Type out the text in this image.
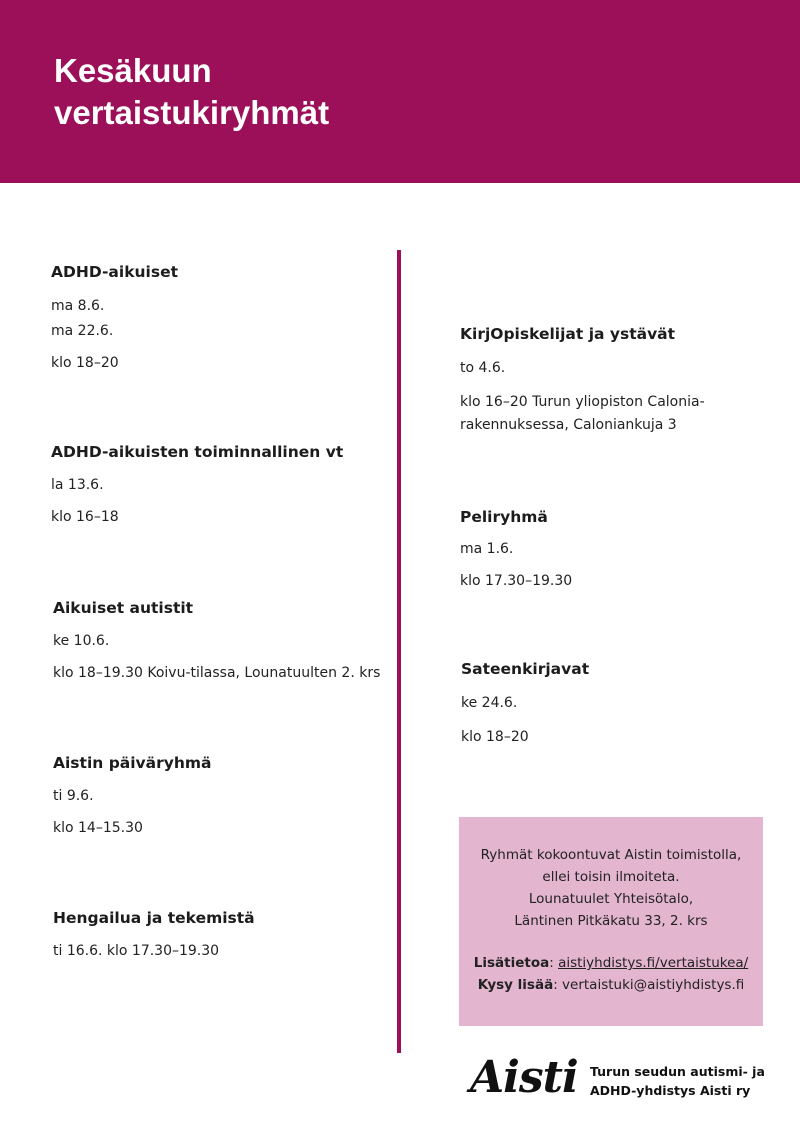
Kesäkuun
vertaistukiryhmät
ADHD-aikuiset

ma 8.6.

ma 22.6.

klo 18–20

ADHD-aikuisten toiminnallinen vt

la 13.6.

klo 16–18

Aikuiset autistit

ke 10.6.

klo 18–19.30 Koivu-tilassa, Lounatuulten 2. krs

Aistin päiväryhmä

ti 9.6.

klo 14–15.30

Hengailua ja tekemistä

ti 16.6. klo 17.30–19.30

KirjOpiskelijat ja ystävät

to 4.6.

klo 16–20 Turun yliopiston Calonia-

rakennuksessa, Caloniankuja 3

Peliryhmä

ma 1.6.

klo 17.30–19.30

Sateenkirjavat

ke 24.6.

klo 18–20

Ryhmät kokoontuvat Aistin toimistolla,
ellei toisin ilmoiteta.
Lounatuulet Yhteisötalo,
Läntinen Pitkäkatu 33, 2. krs
Lisätietoa: aistiyhdistys.fi/vertaistukea/
Kysy lisää: vertaistuki@aistiyhdistys.fi
Aisti Turun seudun autismi- ja
ADHD-yhdistys Aisti ry
